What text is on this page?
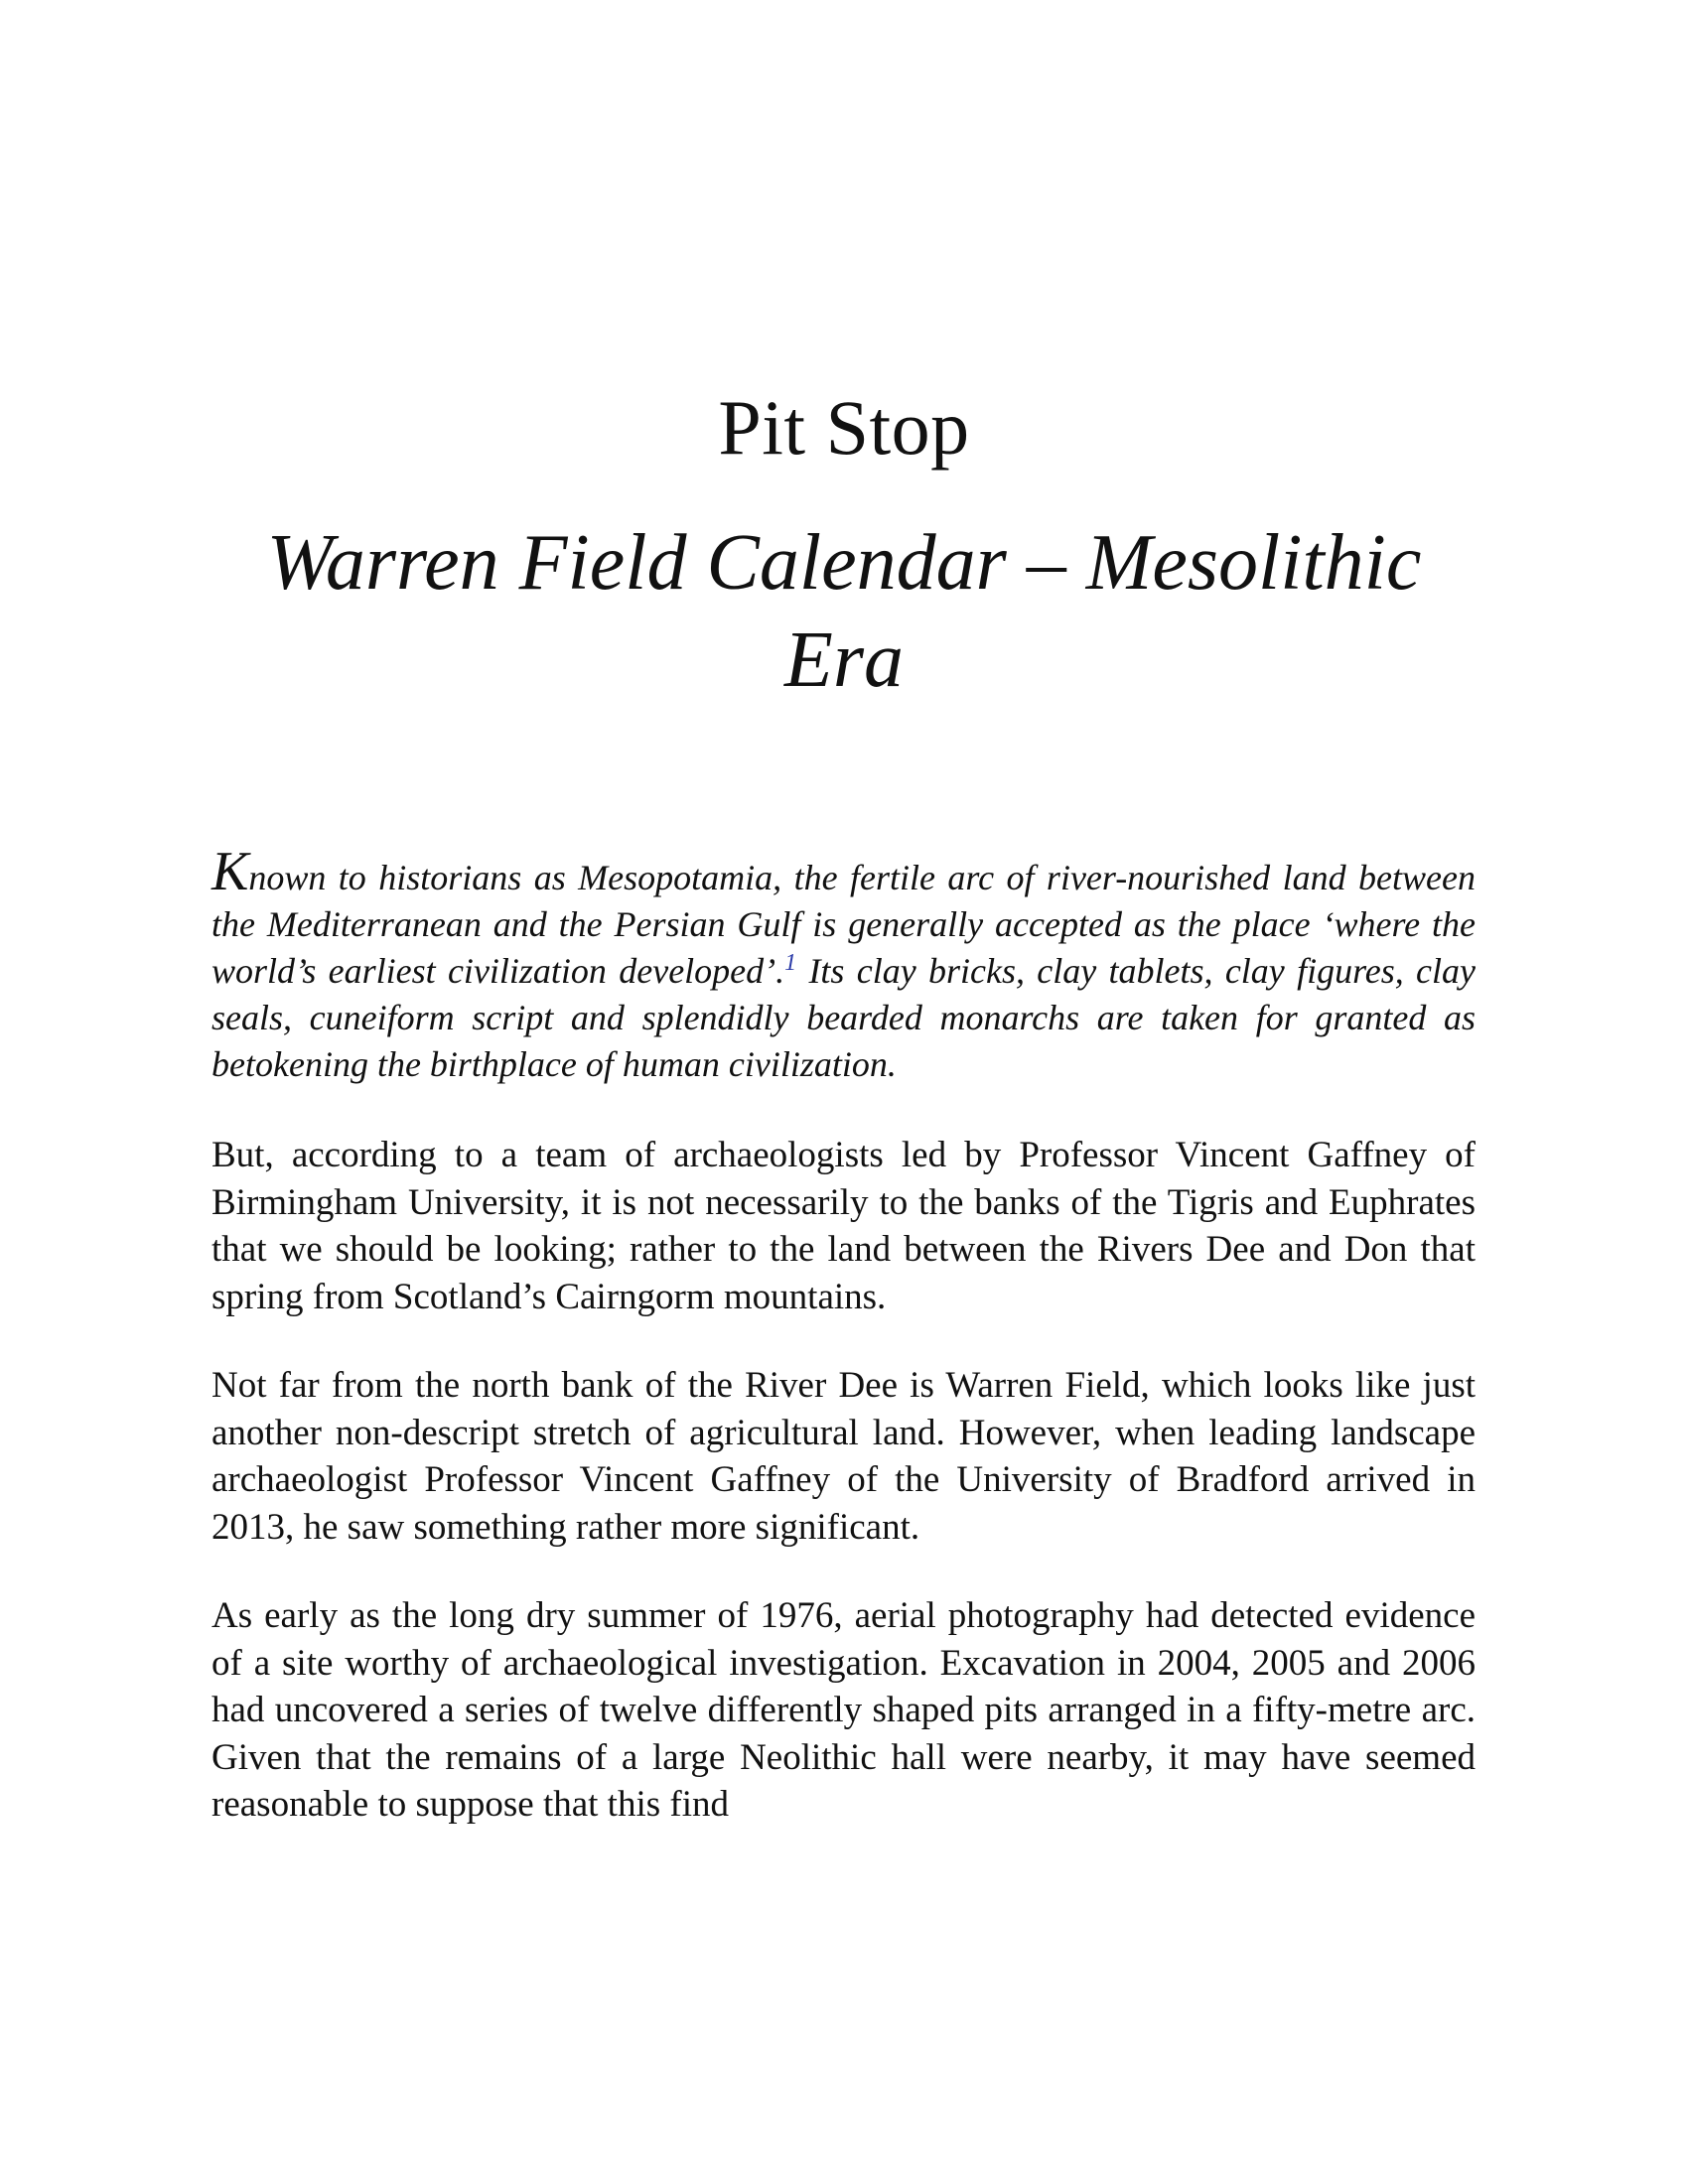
Pit Stop
Warren Field Calendar – Mesolithic Era

Known to historians as Mesopotamia, the fertile arc of river-nourished land between the Mediterranean and the Persian Gulf is generally accepted as the place ‘where the world’s earliest civilization developed’.$^1$ Its clay bricks, clay tablets, clay figures, clay seals, cuneiform script and splendidly bearded monarchs are taken for granted as betokening the birthplace of human civilization.

But, according to a team of archaeologists led by Professor Vincent Gaffney of Birmingham University, it is not necessarily to the banks of the Tigris and Euphrates that we should be looking; rather to the land between the Rivers Dee and Don that spring from Scotland’s Cairngorm mountains.

Not far from the north bank of the River Dee is Warren Field, which looks like just another non-descript stretch of agricultural land. However, when leading landscape archaeologist Professor Vincent Gaffney of the University of Bradford arrived in 2013, he saw something rather more significant.

As early as the long dry summer of 1976, aerial photography had detected evidence of a site worthy of archaeological investigation. Excavation in 2004, 2005 and 2006 had uncovered a series of twelve differently shaped pits arranged in a fifty-metre arc. Given that the remains of a large Neolithic hall were nearby, it may have seemed reasonable to suppose that this find
